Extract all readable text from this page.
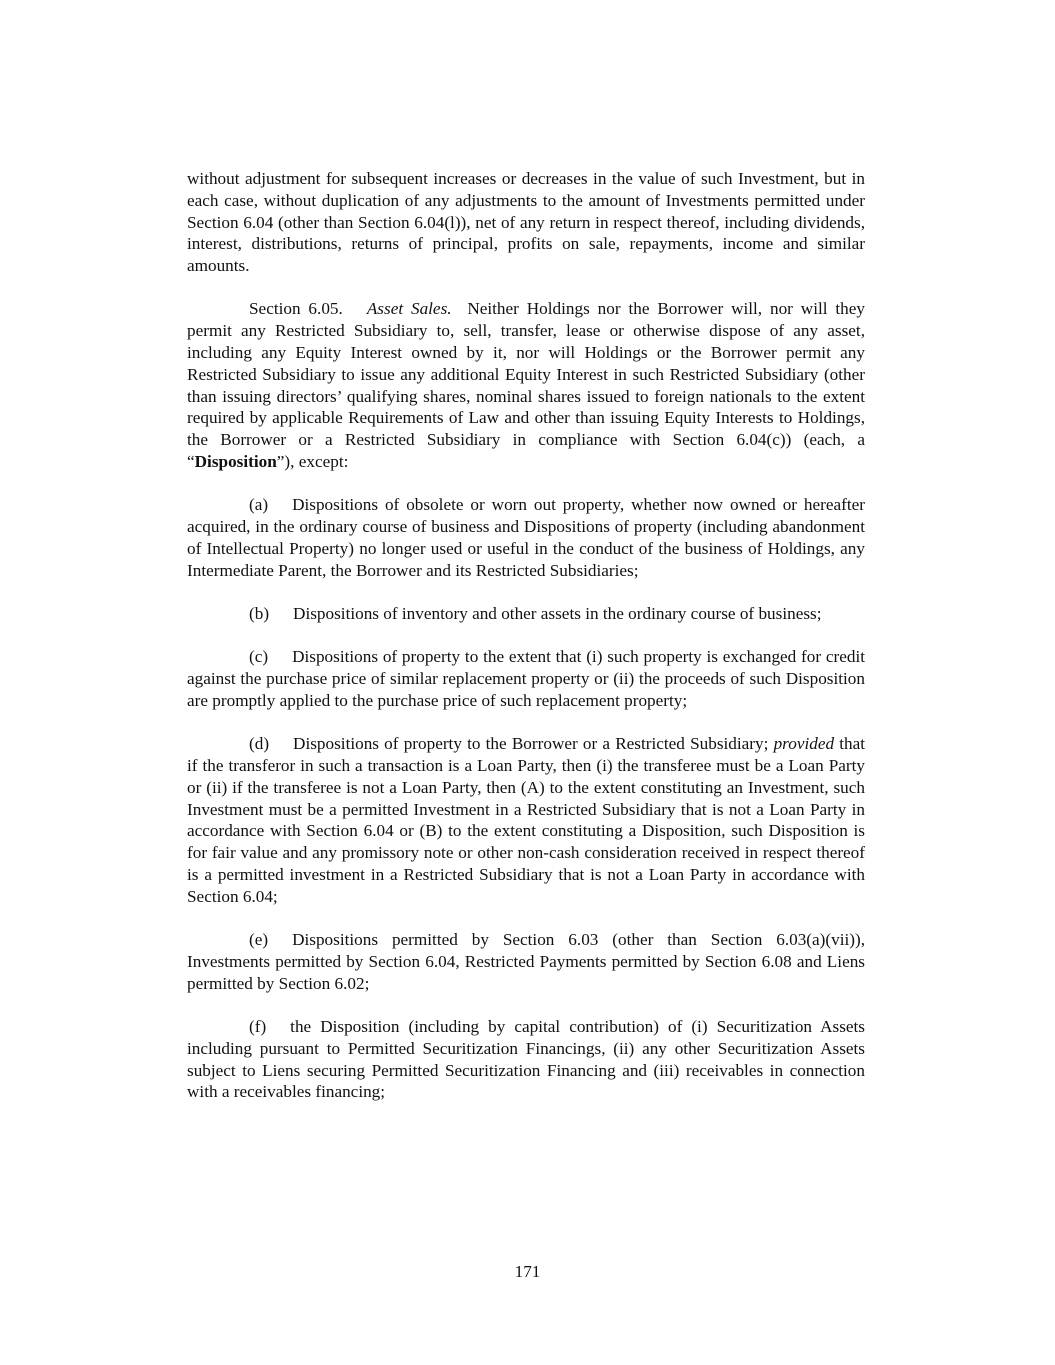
without adjustment for subsequent increases or decreases in the value of such Investment, but in each case, without duplication of any adjustments to the amount of Investments permitted under Section 6.04 (other than Section 6.04(l)), net of any return in respect thereof, including dividends, interest, distributions, returns of principal, profits on sale, repayments, income and similar amounts.

Section 6.05. Asset Sales. Neither Holdings nor the Borrower will, nor will they permit any Restricted Subsidiary to, sell, transfer, lease or otherwise dispose of any asset, including any Equity Interest owned by it, nor will Holdings or the Borrower permit any Restricted Subsidiary to issue any additional Equity Interest in such Restricted Subsidiary (other than issuing directors’ qualifying shares, nominal shares issued to foreign nationals to the extent required by applicable Requirements of Law and other than issuing Equity Interests to Holdings, the Borrower or a Restricted Subsidiary in compliance with Section 6.04(c)) (each, a “Disposition”), except:

(a) Dispositions of obsolete or worn out property, whether now owned or hereafter acquired, in the ordinary course of business and Dispositions of property (including abandonment of Intellectual Property) no longer used or useful in the conduct of the business of Holdings, any Intermediate Parent, the Borrower and its Restricted Subsidiaries;

(b) Dispositions of inventory and other assets in the ordinary course of business;

(c) Dispositions of property to the extent that (i) such property is exchanged for credit against the purchase price of similar replacement property or (ii) the proceeds of such Disposition are promptly applied to the purchase price of such replacement property;

(d) Dispositions of property to the Borrower or a Restricted Subsidiary; provided that if the transferor in such a transaction is a Loan Party, then (i) the transferee must be a Loan Party or (ii) if the transferee is not a Loan Party, then (A) to the extent constituting an Investment, such Investment must be a permitted Investment in a Restricted Subsidiary that is not a Loan Party in accordance with Section 6.04 or (B) to the extent constituting a Disposition, such Disposition is for fair value and any promissory note or other non-cash consideration received in respect thereof is a permitted investment in a Restricted Subsidiary that is not a Loan Party in accordance with Section 6.04;

(e) Dispositions permitted by Section 6.03 (other than Section 6.03(a)(vii)), Investments permitted by Section 6.04, Restricted Payments permitted by Section 6.08 and Liens permitted by Section 6.02;

(f) the Disposition (including by capital contribution) of (i) Securitization Assets including pursuant to Permitted Securitization Financings, (ii) any other Securitization Assets subject to Liens securing Permitted Securitization Financing and (iii) receivables in connection with a receivables financing;

171
